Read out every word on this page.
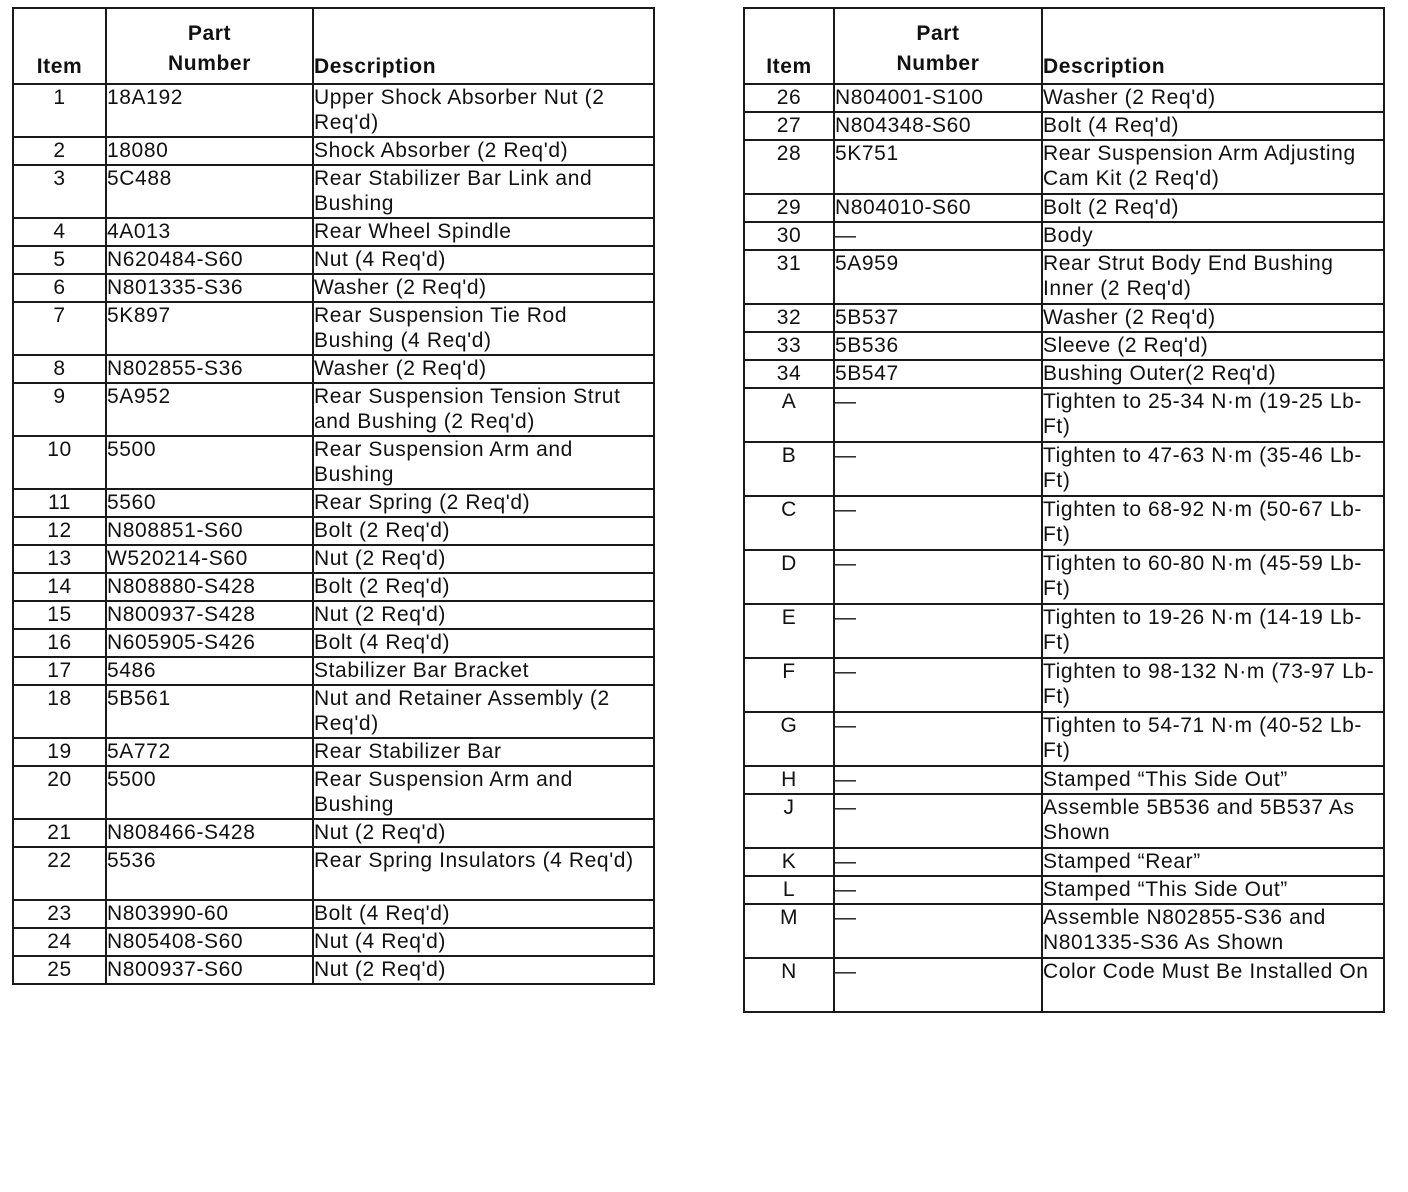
Item	Part
Number	Description
1	18A192	Upper Shock Absorber Nut (2 Req'd)
2	18080	Shock Absorber (2 Req'd)
3	5C488	Rear Stabilizer Bar Link and Bushing
4	4A013	Rear Wheel Spindle
5	N620484-S60	Nut (4 Req'd)
6	N801335-S36	Washer (2 Req'd)
7	5K897	Rear Suspension Tie Rod Bushing (4 Req'd)
8	N802855-S36	Washer (2 Req'd)
9	5A952	Rear Suspension Tension Strut and Bushing (2 Req'd)
10	5500	Rear Suspension Arm and Bushing
11	5560	Rear Spring (2 Req'd)
12	N808851-S60	Bolt (2 Req'd)
13	W520214-S60	Nut (2 Req'd)
14	N808880-S428	Bolt (2 Req'd)
15	N800937-S428	Nut (2 Req'd)
16	N605905-S426	Bolt (4 Req'd)
17	5486	Stabilizer Bar Bracket
18	5B561	Nut and Retainer Assembly (2 Req'd)
19	5A772	Rear Stabilizer Bar
20	5500	Rear Suspension Arm and Bushing
21	N808466-S428	Nut (2 Req'd)
22	5536	Rear Spring Insulators (4 Req'd)
23	N803990-60	Bolt (4 Req'd)
24	N805408-S60	Nut (4 Req'd)
25	N800937-S60	Nut (2 Req'd)
Item	Part
Number	Description
26	N804001-S100	Washer (2 Req'd)
27	N804348-S60	Bolt (4 Req'd)
28	5K751	Rear Suspension Arm Adjusting Cam Kit (2 Req'd)
29	N804010-S60	Bolt (2 Req'd)
30	—	Body
31	5A959	Rear Strut Body End Bushing Inner (2 Req'd)
32	5B537	Washer (2 Req'd)
33	5B536	Sleeve (2 Req'd)
34	5B547	Bushing Outer(2 Req'd)
A	—	Tighten to 25-34 N·m (19-25 Lb-Ft)
B	—	Tighten to 47-63 N·m (35-46 Lb-Ft)
C	—	Tighten to 68-92 N·m (50-67 Lb-Ft)
D	—	Tighten to 60-80 N·m (45-59 Lb-Ft)
E	—	Tighten to 19-26 N·m (14-19 Lb-Ft)
F	—	Tighten to 98-132 N·m (73-97 Lb-Ft)
G	—	Tighten to 54-71 N·m (40-52 Lb-Ft)
H	—	Stamped “This Side Out”
J	—	Assemble 5B536 and 5B537 As Shown
K	—	Stamped “Rear”
L	—	Stamped “This Side Out”
M	—	Assemble N802855-S36 and N801335-S36 As Shown
N	—	Color Code Must Be Installed On
